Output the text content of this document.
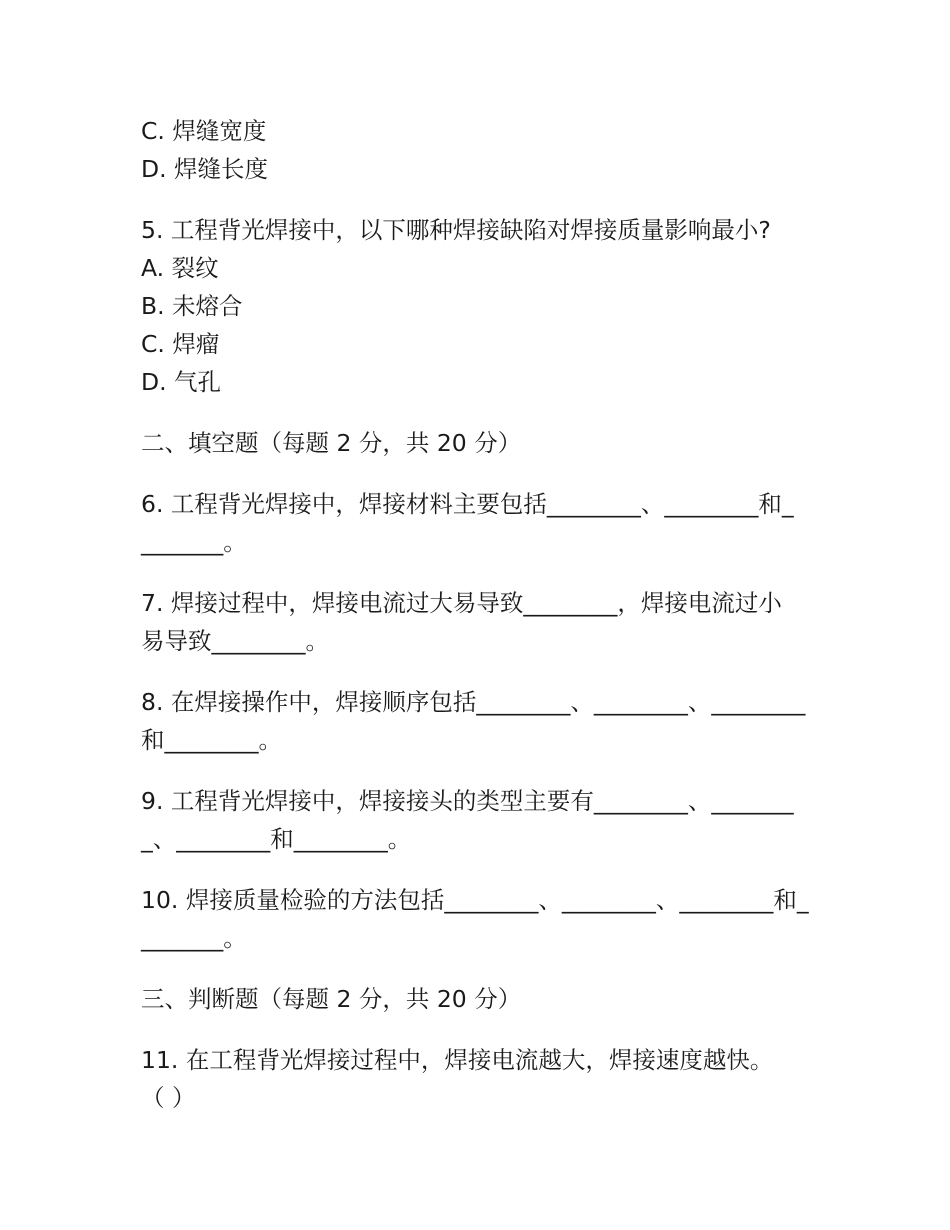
C. 焊缝宽度
D. 焊缝长度
5. 工程背光焊接中，以下哪种焊接缺陷对焊接质量影响最小?
A. 裂纹
B. 未熔合
C. 焊瘤
D. 气孔
二、填空题（每题 2 分，共 20 分）
6. 工程背光焊接中，焊接材料主要包括________、________和_
_______。
7. 焊接过程中，焊接电流过大易导致________，焊接电流过小
易导致________。
8. 在焊接操作中，焊接顺序包括________、________、________
和________。
9. 工程背光焊接中，焊接接头的类型主要有________、_______
_、________和________。
10. 焊接质量检验的方法包括________、________、________和_
_______。
三、判断题（每题 2 分，共 20 分）
11. 在工程背光焊接过程中，焊接电流越大，焊接速度越快。
（ ）
